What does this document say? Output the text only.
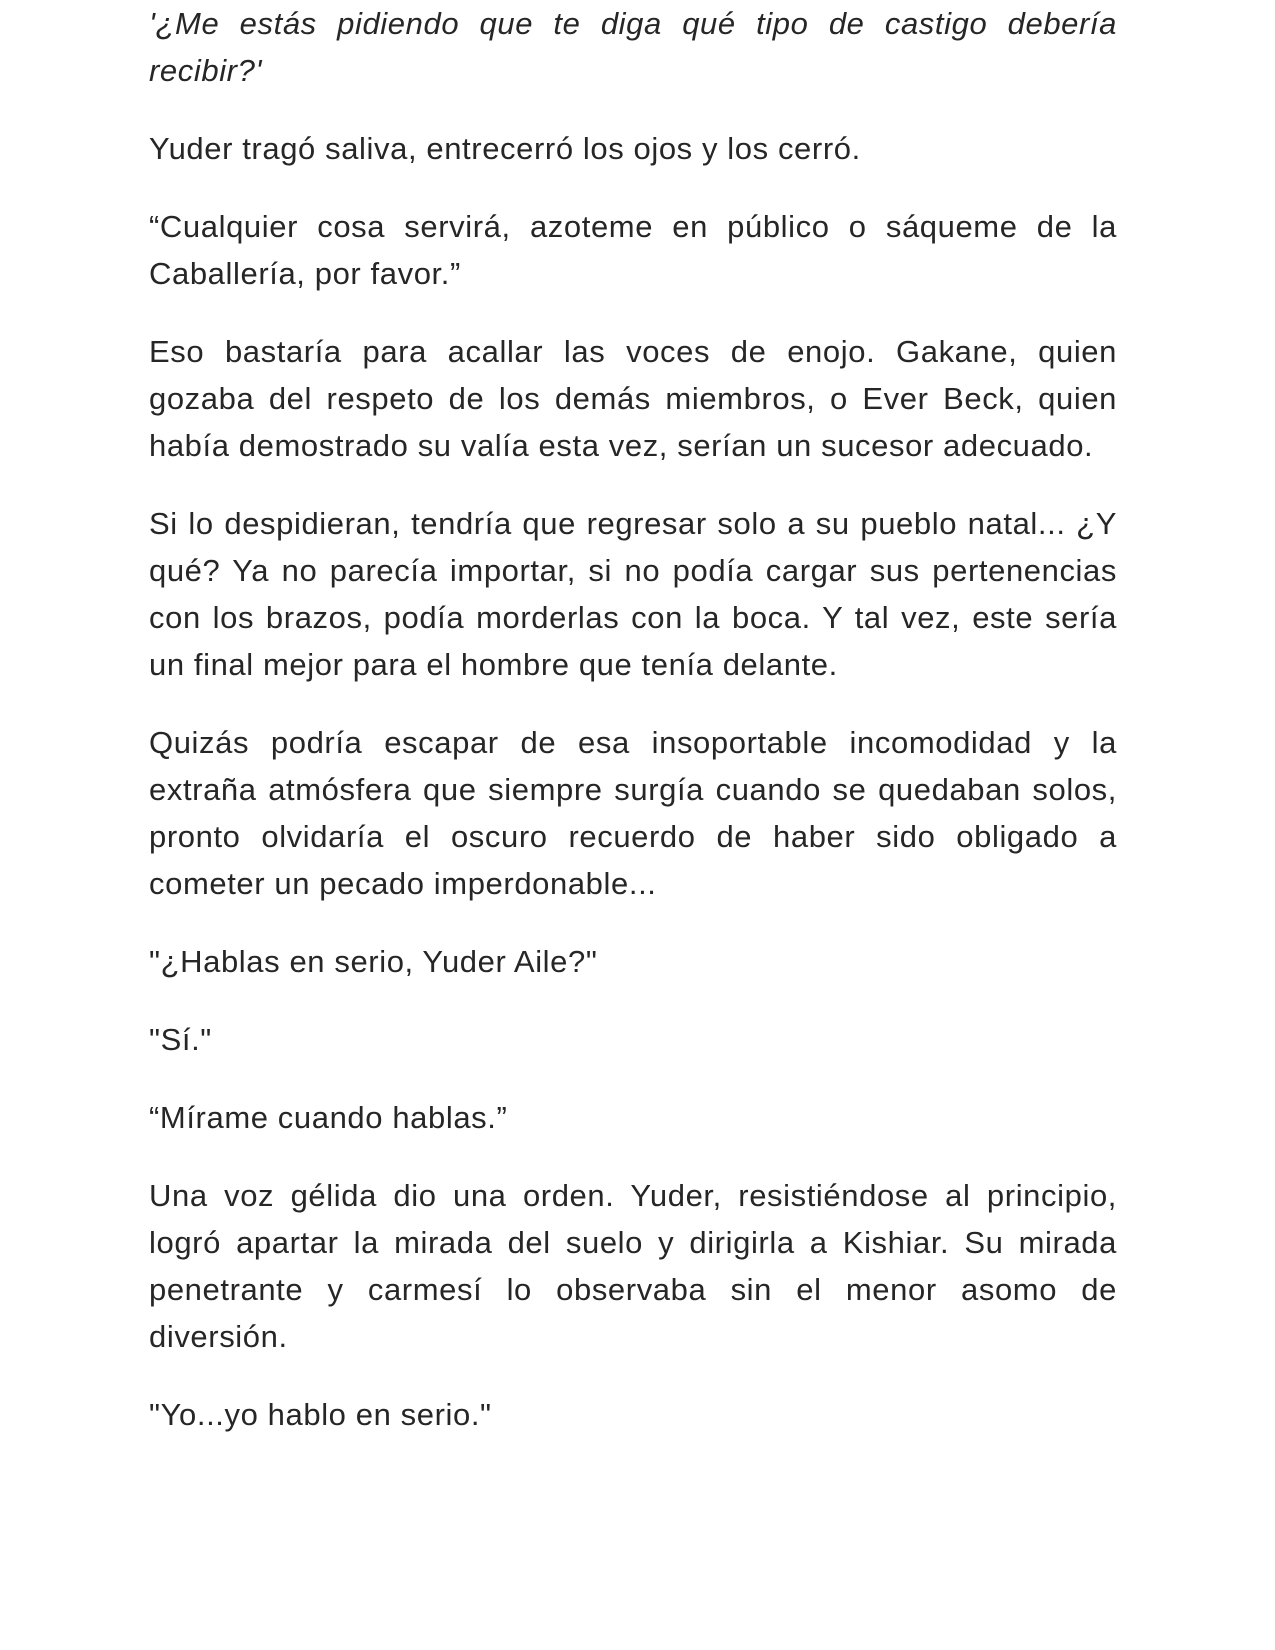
'¿Me estás pidiendo que te diga qué tipo de castigo debería recibir?'

Yuder tragó saliva, entrecerró los ojos y los cerró.

“Cualquier cosa servirá, azoteme en público o sáqueme de la Caballería, por favor.”

Eso bastaría para acallar las voces de enojo. Gakane, quien gozaba del respeto de los demás miembros, o Ever Beck, quien había demostrado su valía esta vez, serían un sucesor adecuado.

Si lo despidieran, tendría que regresar solo a su pueblo natal... ¿Y qué? Ya no parecía importar, si no podía cargar sus pertenencias con los brazos, podía morderlas con la boca. Y tal vez, este sería un final mejor para el hombre que tenía delante.

Quizás podría escapar de esa insoportable incomodidad y la extraña atmósfera que siempre surgía cuando se quedaban solos, pronto olvidaría el oscuro recuerdo de haber sido obligado a cometer un pecado imperdonable...

"¿Hablas en serio, Yuder Aile?"

"Sí."

“Mírame cuando hablas.”

Una voz gélida dio una orden. Yuder, resistiéndose al principio, logró apartar la mirada del suelo y dirigirla a Kishiar. Su mirada penetrante y carmesí lo observaba sin el menor asomo de diversión.

"Yo...yo hablo en serio."
